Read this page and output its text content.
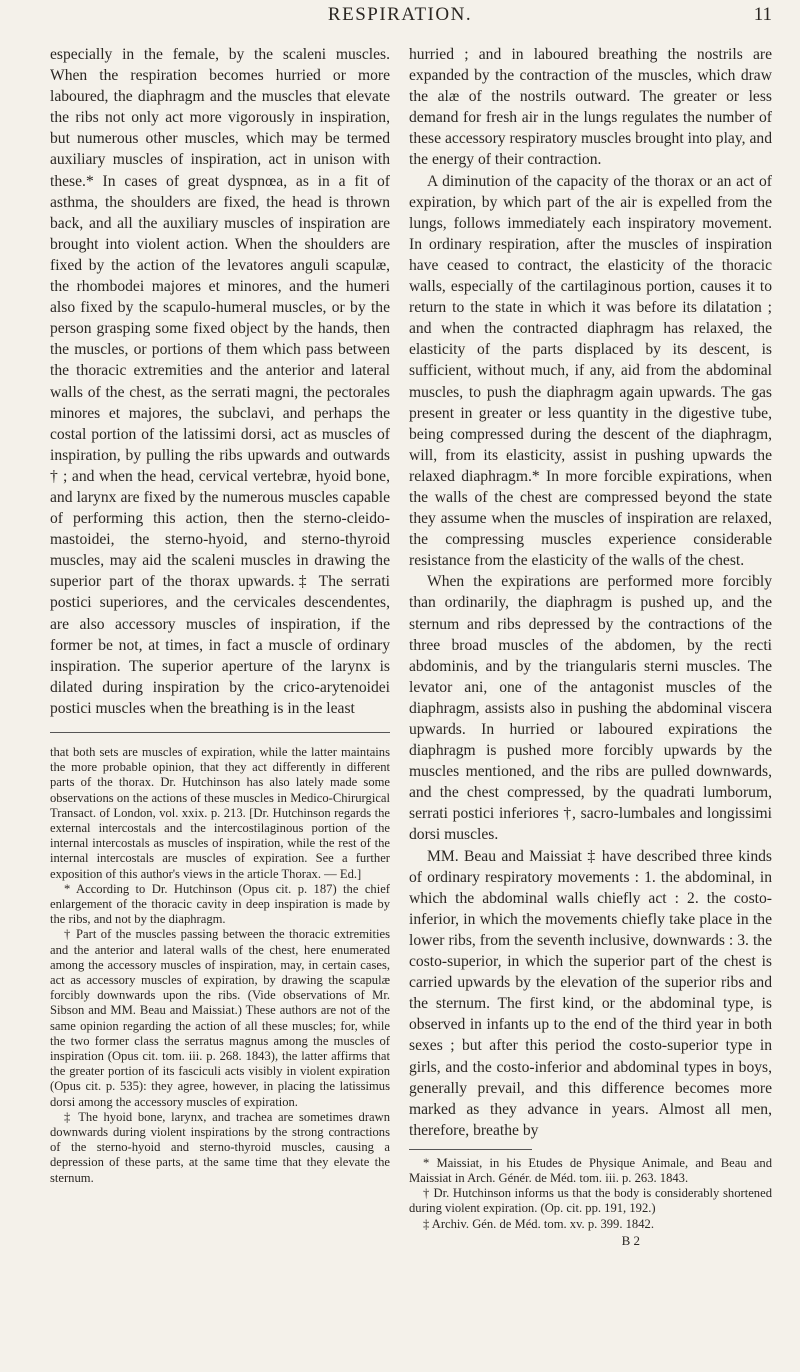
RESPIRATION.	11

especially in the female, by the scaleni muscles. When the respiration becomes hurried or more laboured, the diaphragm and the muscles that elevate the ribs not only act more vigorously in inspiration, but numerous other muscles, which may be termed auxiliary muscles of inspiration, act in unison with these.* In cases of great dyspnœa, as in a fit of asthma, the shoulders are fixed, the head is thrown back, and all the auxiliary muscles of inspiration are brought into violent action. When the shoulders are fixed by the action of the levatores anguli scapulæ, the rhombodei majores et minores, and the humeri also fixed by the scapulo-humeral muscles, or by the person grasping some fixed object by the hands, then the muscles, or portions of them which pass between the thoracic extremities and the anterior and lateral walls of the chest, as the serrati magni, the pectorales minores et majores, the subclavi, and perhaps the costal portion of the latissimi dorsi, act as muscles of inspiration, by pulling the ribs upwards and outwards † ; and when the head, cervical vertebræ, hyoid bone, and larynx are fixed by the numerous muscles capable of performing this action, then the sterno-cleido-mastoidei, the sterno-hyoid, and sterno-thyroid muscles, may aid the scaleni muscles in drawing the superior part of the thorax upwards.‡ The serrati postici superiores, and the cervicales descendentes, are also accessory muscles of inspiration, if the former be not, at times, in fact a muscle of ordinary inspiration. The superior aperture of the larynx is dilated during inspiration by the crico-arytenoidei postici muscles when the breathing is in the least

that both sets are muscles of expiration, while the latter maintains the more probable opinion, that they act differently in different parts of the thorax. Dr. Hutchinson has also lately made some observations on the actions of these muscles in Medico-Chirurgical Transact. of London, vol. xxix. p. 213. [Dr. Hutchinson regards the external intercostals and the intercostilaginous portion of the internal intercostals as muscles of inspiration, while the rest of the internal intercostals are muscles of expiration. See a further exposition of this author's views in the article Thorax. — Ed.]

* According to Dr. Hutchinson (Opus cit. p. 187) the chief enlargement of the thoracic cavity in deep inspiration is made by the ribs, and not by the diaphragm.

† Part of the muscles passing between the thoracic extremities and the anterior and lateral walls of the chest, here enumerated among the accessory muscles of inspiration, may, in certain cases, act as accessory muscles of expiration, by drawing the scapulæ forcibly downwards upon the ribs. (Vide observations of Mr. Sibson and MM. Beau and Maissiat.) These authors are not of the same opinion regarding the action of all these muscles; for, while the two former class the serratus magnus among the muscles of inspiration (Opus cit. tom. iii. p. 268. 1843), the latter affirms that the greater portion of its fasciculi acts visibly in violent expiration (Opus cit. p. 535): they agree, however, in placing the latissimus dorsi among the accessory muscles of expiration.

‡ The hyoid bone, larynx, and trachea are sometimes drawn downwards during violent inspirations by the strong contractions of the sterno-hyoid and sterno-thyroid muscles, causing a depression of these parts, at the same time that they elevate the sternum.

hurried ; and in laboured breathing the nostrils are expanded by the contraction of the muscles, which draw the alæ of the nostrils outward. The greater or less demand for fresh air in the lungs regulates the number of these accessory respiratory muscles brought into play, and the energy of their contraction.

A diminution of the capacity of the thorax or an act of expiration, by which part of the air is expelled from the lungs, follows immediately each inspiratory movement. In ordinary respiration, after the muscles of inspiration have ceased to contract, the elasticity of the thoracic walls, especially of the cartilaginous portion, causes it to return to the state in which it was before its dilatation ; and when the contracted diaphragm has relaxed, the elasticity of the parts displaced by its descent, is sufficient, without much, if any, aid from the abdominal muscles, to push the diaphragm again upwards. The gas present in greater or less quantity in the digestive tube, being compressed during the descent of the diaphragm, will, from its elasticity, assist in pushing upwards the relaxed diaphragm.* In more forcible expirations, when the walls of the chest are compressed beyond the state they assume when the muscles of inspiration are relaxed, the compressing muscles experience considerable resistance from the elasticity of the walls of the chest.

When the expirations are performed more forcibly than ordinarily, the diaphragm is pushed up, and the sternum and ribs depressed by the contractions of the three broad muscles of the abdomen, by the recti abdominis, and by the triangularis sterni muscles. The levator ani, one of the antagonist muscles of the diaphragm, assists also in pushing the abdominal viscera upwards. In hurried or laboured expirations the diaphragm is pushed more forcibly upwards by the muscles mentioned, and the ribs are pulled downwards, and the chest compressed, by the quadrati lumborum, serrati postici inferiores †, sacro-lumbales and longissimi dorsi muscles.

MM. Beau and Maissiat ‡ have described three kinds of ordinary respiratory movements : 1. the abdominal, in which the abdominal walls chiefly act : 2. the costo-inferior, in which the movements chiefly take place in the lower ribs, from the seventh inclusive, downwards : 3. the costo-superior, in which the superior part of the chest is carried upwards by the elevation of the superior ribs and the sternum. The first kind, or the abdominal type, is observed in infants up to the end of the third year in both sexes ; but after this period the costo-superior type in girls, and the costo-inferior and abdominal types in boys, generally prevail, and this difference becomes more marked as they advance in years. Almost all men, therefore, breathe by

* Maissiat, in his Etudes de Physique Animale, and Beau and Maissiat in Arch. Génér. de Méd. tom. iii. p. 263. 1843.

† Dr. Hutchinson informs us that the body is considerably shortened during violent expiration. (Op. cit. pp. 191, 192.)

‡ Archiv. Gén. de Méd. tom. xv. p. 399. 1842.

B 2
